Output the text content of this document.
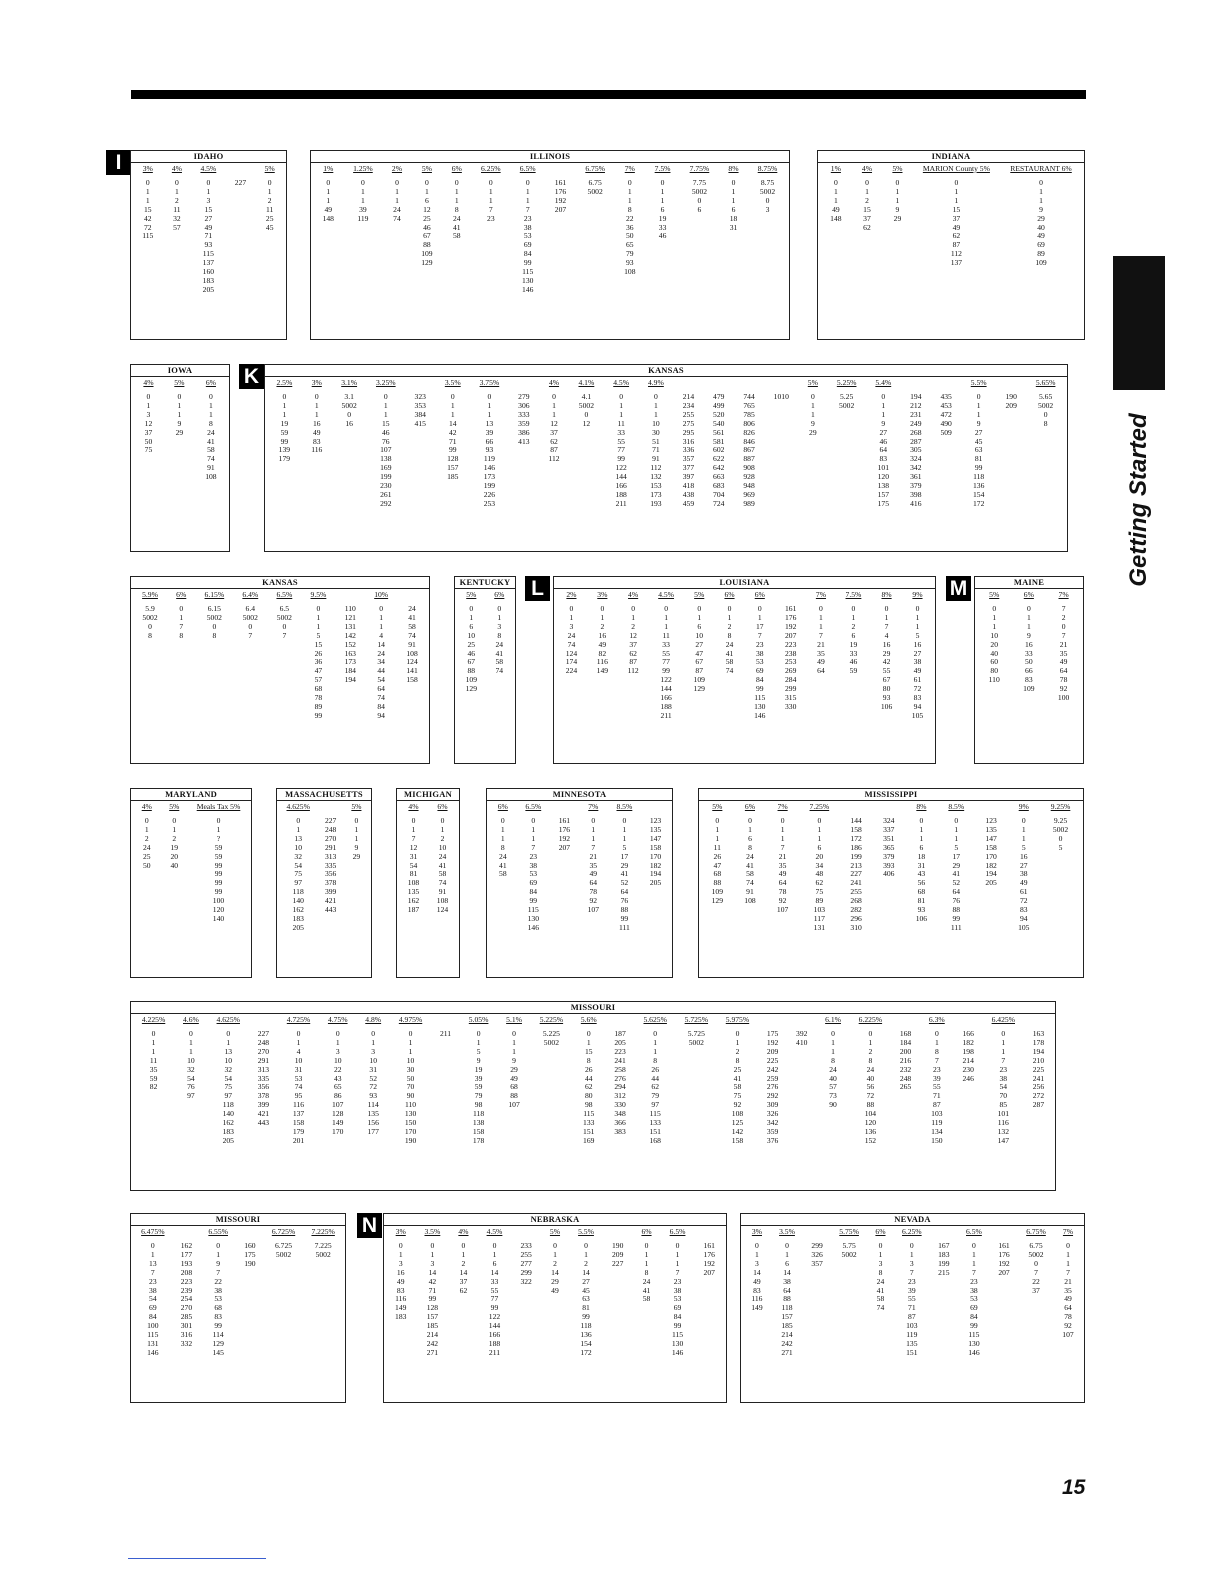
Getting Started
I
K
L	M
N
IDAHO
3%
0
1
1
15
42
72
115
4%
0
1
2
11
32
57
4.5%
0
1
3
15
27
49
71
93
115
137
160
183
205
227
5%
0
1
2
11
25
45
ILLINOIS
1%
0
1
1
49
148
1.25%
0
1
1
39
119
2%
0
1
1
24
74
5%
0
1
6
12
25
46
67
88
109
129
6%
0
1
1
8
24
41
58
6.25%
0
1
1
7
23
6.5%
0
1
1
7
23
38
53
69
84
99
115
130
146
161
176
192
207
6.75%
6.75
5002
7%
0
1
1
8
22
36
50
65
79
93
108
7.5%
0
1
1
6
19
33
46
7.75%
7.75
5002
0
6
8%
0
1
1
6
18
31
8.75%
8.75
5002
0
3
INDIANA
1%
0
1
1
49
148
4%
0
1
2
15
37
62
5%
0
1
1
9
29
MARION County 5%
0
1
1
15
37
49
62
87
112
137
RESTAURANT 6%
0
1
1
9
29
40
49
69
89
109
IOWA
4%
0
1
3
12
37
50
75
5%
0
1
1
9
29
6%
0
1
1
8
24
41
58
74
91
108
KANSAS
2.5%
0
1
1
19
59
99
139
179
3%
0
1
1
16
49
83
116
3.1%
3.1
5002
0
16
3.25%
0
1
1
15
46
76
107
138
169
199
230
261
292
323
353
384
415
3.5%
0
1
1
14
42
71
99
128
157
185
3.75%
0
1
1
13
39
66
93
119
146
173
199
226
253
279
306
333
359
386
413
4%
0
1
1
12
37
62
87
112
4.1%
4.1
5002
0
12
4.5%
0
1
1
11
33
55
77
99
122
144
166
188
211
4.9%
0
1
1
10
30
51
71
91
112
132
153
173
193
214
234
255
275
295
316
336
357
377
397
418
438
459
479
499
520
540
561
581
602
622
642
663
683
704
724
744
765
785
806
826
846
867
887
908
928
948
969
989
1010
5%
0
1
1
9
29
5.25%
5.25
5002
5.4%
0
1
1
9
27
46
64
83
101
120
138
157
175
194
212
231
249
268
287
305
324
342
361
379
398
416
435
453
472
490
509
5.5%
0
1
1
9
27
45
63
81
99
118
136
154
172
190
209
5.65%
5.65
5002
0
8
KANSAS
5.9%
5.9
5002
0
8
6%
0
1
7
8
6.15%
6.15
5002
0
8
6.4%
6.4
5002
0
7
6.5%
6.5
5002
0
7
9.5%
0
1
1
5
15
26
36
47
57
68
78
89
99
110
121
131
142
152
163
173
184
194
10%
0
1
1
4
14
24
34
44
54
64
74
84
94
24
41
58
74
91
108
124
141
158
KENTUCKY
5%
0
1
6
10
25
46
67
88
109
129
6%
0
1
3
8
24
41
58
74
LOUISIANA
2%
0
1
3
24
74
124
174
224
3%
0
1
2
16
49
82
116
149
4%
0
1
2
12
37
62
87
112
4.5%
0
1
1
11
33
55
77
99
122
144
166
188
211
5%
0
1
6
10
27
47
67
87
109
129
6%
0
1
2
8
24
41
58
74
6%
0
1
17
7
23
38
53
69
84
99
115
130
146
161
176
192
207
223
238
253
269
284
299
315
330
7%
0
1
1
7
21
35
49
64
7.5%
0
1
2
6
19
33
46
59
8%
0
1
7
4
16
29
42
55
67
80
93
106
9%
0
1
1
5
16
27
38
49
61
72
83
94
105
MAINE
5%
0
1
1
10
20
40
60
80
110
6%
0
1
1
9
16
33
50
66
83
109
7%
7
2
0
7
21
35
49
64
78
92
100
MARYLAND
4%
0
1
2
24
25
50
5%
0
1
2
19
20
40
Meals Tax 5%
0
1
?
59
59
99
99
99
99
100
120
140
MASSACHUSETTS
4.625%
0
1
13
10
32
54
75
97
118
140
162
183
205
227
248
270
291
313
335
356
378
399
421
443
5%
0
1
1
9
29
MICHIGAN
4%
0
1
7
12
31
54
81
108
135
162
187
6%
0
1
2
10
24
41
58
74
91
108
124
MINNESOTA
6%
0
1
1
8
24
41
58
6.5%
0
1
1
7
23
38
53
69
84
99
115
130
146
161
176
192
207
7%
0
1
1
7
21
35
49
64
78
92
107
8.5%
0
1
1
5
17
29
41
52
64
76
88
99
111
123
135
147
158
170
182
194
205
MISSISSIPPI
5%
0
1
1
11
26
47
68
88
109
129
6%
0
1
6
8
24
41
58
74
91
108
7%
0
1
1
7
21
35
49
64
78
92
107
7.25%
0
1
1
6
20
34
48
62
75
89
103
117
131
144
158
172
186
199
213
227
241
255
268
282
296
310
324
337
351
365
379
393
406
8%
0
1
1
6
18
31
43
56
68
81
93
106
8.5%
0
1
1
5
17
29
41
52
64
76
88
99
111
123
135
147
158
170
182
194
205
9%
0
1
1
5
16
27
38
49
61
72
83
94
105
9.25%
9.25
5002
0
5
MISSOURI
4.225%
0
1
1
11
35
59
82
4.6%
0
1
1
10
32
54
76
97
4.625%
0
1
13
10
32
54
75
97
118
140
162
183
205
227
248
270
291
313
335
356
378
399
421
443
4.725%
0
1
4
10
31
53
74
95
116
137
158
179
201
4.75%
0
1
3
10
22
43
65
86
107
128
149
170
4.8%
0
1
3
10
31
52
72
93
114
135
156
177
4.975%
0
1
1
10
30
50
70
90
110
130
150
170
190
211
5.05%
0
1
5
9
19
39
59
79
98
118
138
158
178
5.1%
0
1
1
9
29
49
68
88
107
5.225%
5.225
5002
5.6%
0
1
15
8
26
44
62
80
98
115
133
151
169
187
205
223
241
258
276
294
312
330
348
366
383
5.625%
0
1
1
8
26
44
62
79
97
115
133
151
168
5.725%
5.725
5002
5.975%
0
1
2
8
25
41
58
75
92
108
125
142
158
175
192
209
225
242
259
276
292
309
326
342
359
376
392
410
6.1%
0
1
1
8
24
40
57
73
90
6.225%
0
1
2
8
24
40
56
72
88
104
120
136
152
168
184
200
216
232
248
265
6.3%
0
1
8
7
23
39
55
71
87
103
119
134
150
166
182
198
214
230
246
6.425%
0
1
1
7
23
38
54
70
85
101
116
132
147
163
178
194
210
225
241
256
272
287
MISSOURI
6.475%
0
1
13
7
23
38
54
69
84
100
115
131
146
162
177
193
208
223
239
254
270
285
301
316
332
6.55%
0
1
9
7
22
38
53
68
83
99
114
129
145
160
175
190
6.725%
6.725
5002
7.225%
7.225
5002
NEBRASKA
3%
0
1
3
16
49
83
116
149
183
3.5%
0
1
3
14
42
71
99
128
157
185
214
242
271
4%
0
1
2
14
37
62
4.5%
0
1
6
14
33
55
77
99
122
144
166
188
211
233
255
277
299
322
5%
0
1
2
14
29
49
5.5%
0
1
2
14
27
45
63
81
99
118
136
154
172
190
209
227
6%
0
1
1
8
24
41
58
6.5%
0
1
1
7
23
38
53
69
84
99
115
130
146
161
176
192
207
NEVADA
3%
0
1
3
14
49
83
116
149
3.5%
0
1
6
14
38
64
88
118
157
185
214
242
271
299
326
357
5.75%
5.75
5002
6%
0
1
3
8
24
41
58
74
6.25%
0
1
3
7
23
39
55
71
87
103
119
135
151
167
183
199
215
6.5%
0
1
1
7
23
38
53
69
84
99
115
130
146
161
176
192
207
6.75%
6.75
5002
0
7
22
37
7%
0
1
1
7
21
35
49
64
78
92
107
15
